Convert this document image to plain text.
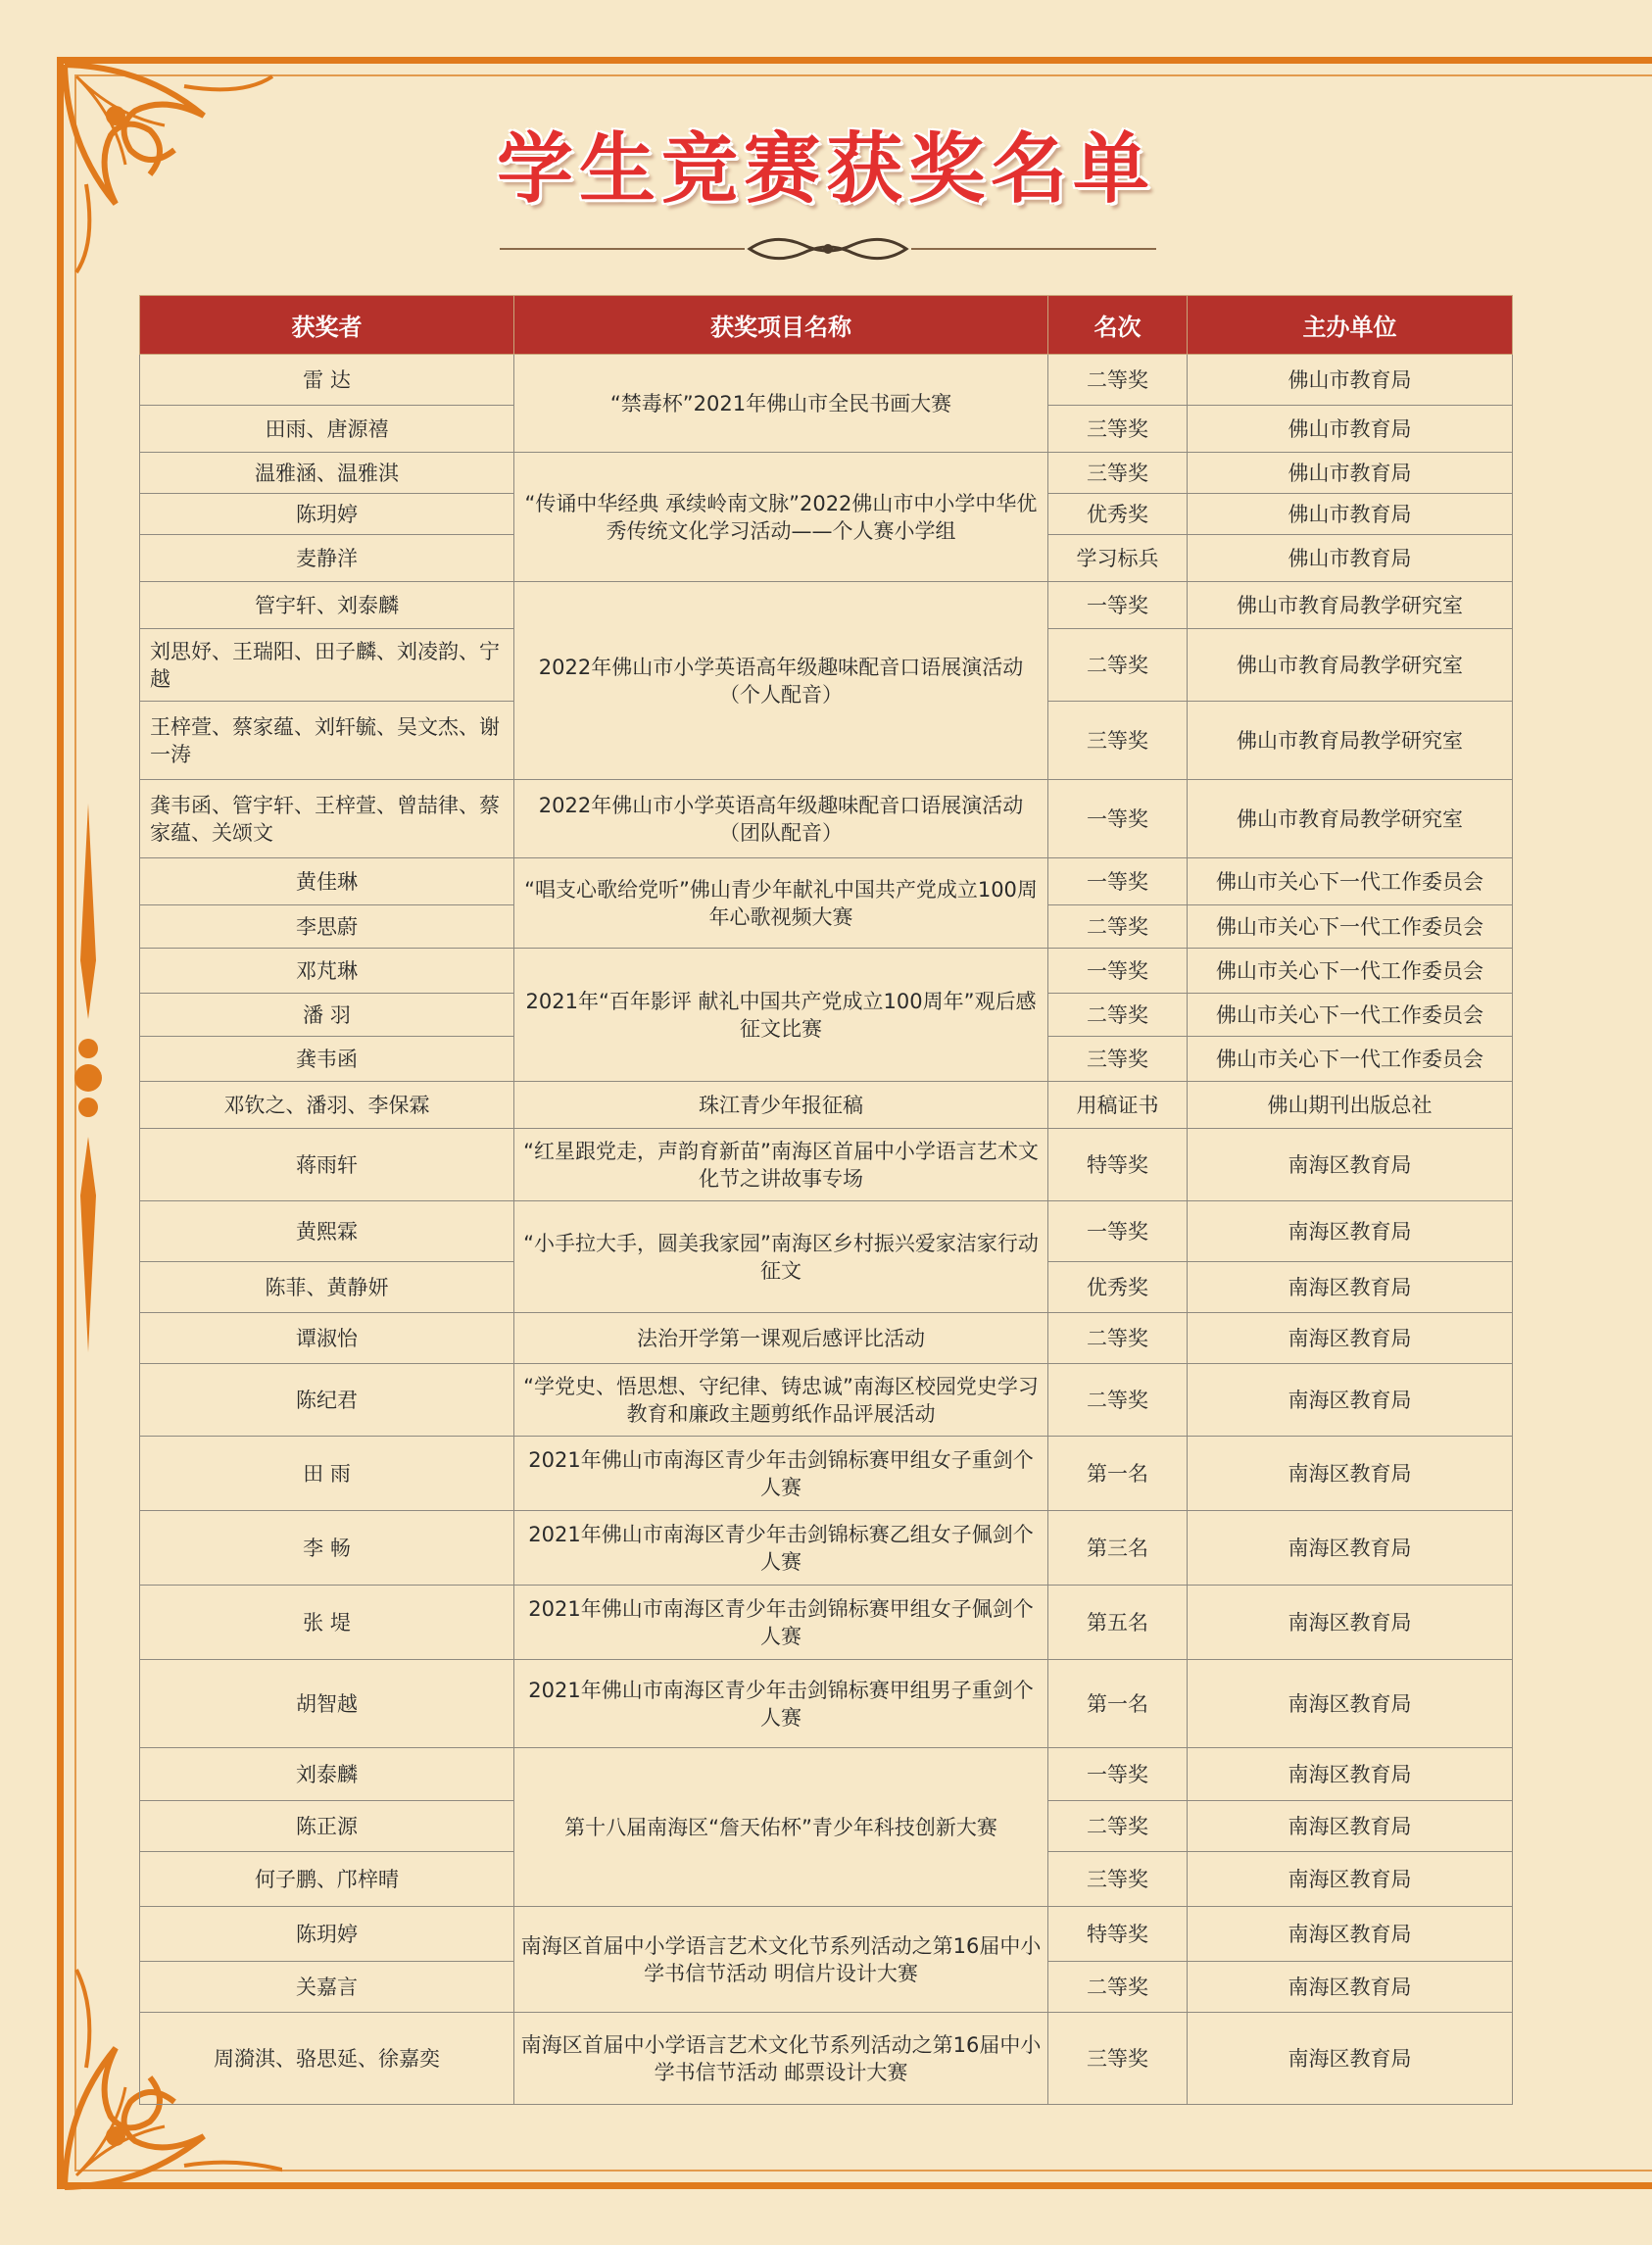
学生竞赛获奖名单
获奖者	获奖项目名称	名次	主办单位
雷 达	“禁毒杯”2021年佛山市全民书画大赛	二等奖	佛山市教育局
田雨、唐源禧		三等奖	佛山市教育局
温雅涵、温雅淇	“传诵中华经典 承续岭南文脉”2022佛山市中小学中华优秀传统文化学习活动——个人赛小学组	三等奖	佛山市教育局
陈玥婷		优秀奖	佛山市教育局
麦静洋		学习标兵	佛山市教育局
管宇轩、刘泰麟	2022年佛山市小学英语高年级趣味配音口语展演活动（个人配音）	一等奖	佛山市教育局教学研究室
刘思妤、王瑞阳、田子麟、刘凌韵、宁 越		二等奖	佛山市教育局教学研究室
王梓萱、蔡家蕴、刘轩毓、吴文杰、谢一涛		三等奖	佛山市教育局教学研究室
龚韦函、管宇轩、王梓萱、曾喆律、蔡家蕴、关颂文	2022年佛山市小学英语高年级趣味配音口语展演活动（团队配音）	一等奖	佛山市教育局教学研究室
黄佳琳	“唱支心歌给党听”佛山青少年献礼中国共产党成立100周年心歌视频大赛	一等奖	佛山市关心下一代工作委员会
李思蔚		二等奖	佛山市关心下一代工作委员会
邓芃琳	2021年“百年影评 献礼中国共产党成立100周年”观后感征文比赛	一等奖	佛山市关心下一代工作委员会
潘 羽		二等奖	佛山市关心下一代工作委员会
龚韦函		三等奖	佛山市关心下一代工作委员会
邓钦之、潘羽、李保霖	珠江青少年报征稿	用稿证书	佛山期刊出版总社
蒋雨轩	“红星跟党走，声韵育新苗”南海区首届中小学语言艺术文化节之讲故事专场	特等奖	南海区教育局
黄熙霖	“小手拉大手，圆美我家园”南海区乡村振兴爱家洁家行动征文	一等奖	南海区教育局
陈菲、黄静妍		优秀奖	南海区教育局
谭淑怡	法治开学第一课观后感评比活动	二等奖	南海区教育局
陈纪君	“学党史、悟思想、守纪律、铸忠诚”南海区校园党史学习教育和廉政主题剪纸作品评展活动	二等奖	南海区教育局
田 雨	2021年佛山市南海区青少年击剑锦标赛甲组女子重剑个人赛	第一名	南海区教育局
李 畅	2021年佛山市南海区青少年击剑锦标赛乙组女子佩剑个人赛	第三名	南海区教育局
张 堤	2021年佛山市南海区青少年击剑锦标赛甲组女子佩剑个人赛	第五名	南海区教育局
胡智越	2021年佛山市南海区青少年击剑锦标赛甲组男子重剑个人赛	第一名	南海区教育局
刘泰麟	第十八届南海区“詹天佑杯”青少年科技创新大赛	一等奖	南海区教育局
陈正源		二等奖	南海区教育局
何子鹏、邝梓晴		三等奖	南海区教育局
陈玥婷	南海区首届中小学语言艺术文化节系列活动之第16届中小学书信节活动 明信片设计大赛	特等奖	南海区教育局
关嘉言		二等奖	南海区教育局
周漪淇、骆思延、徐嘉奕	南海区首届中小学语言艺术文化节系列活动之第16届中小学书信节活动 邮票设计大赛	三等奖	南海区教育局
